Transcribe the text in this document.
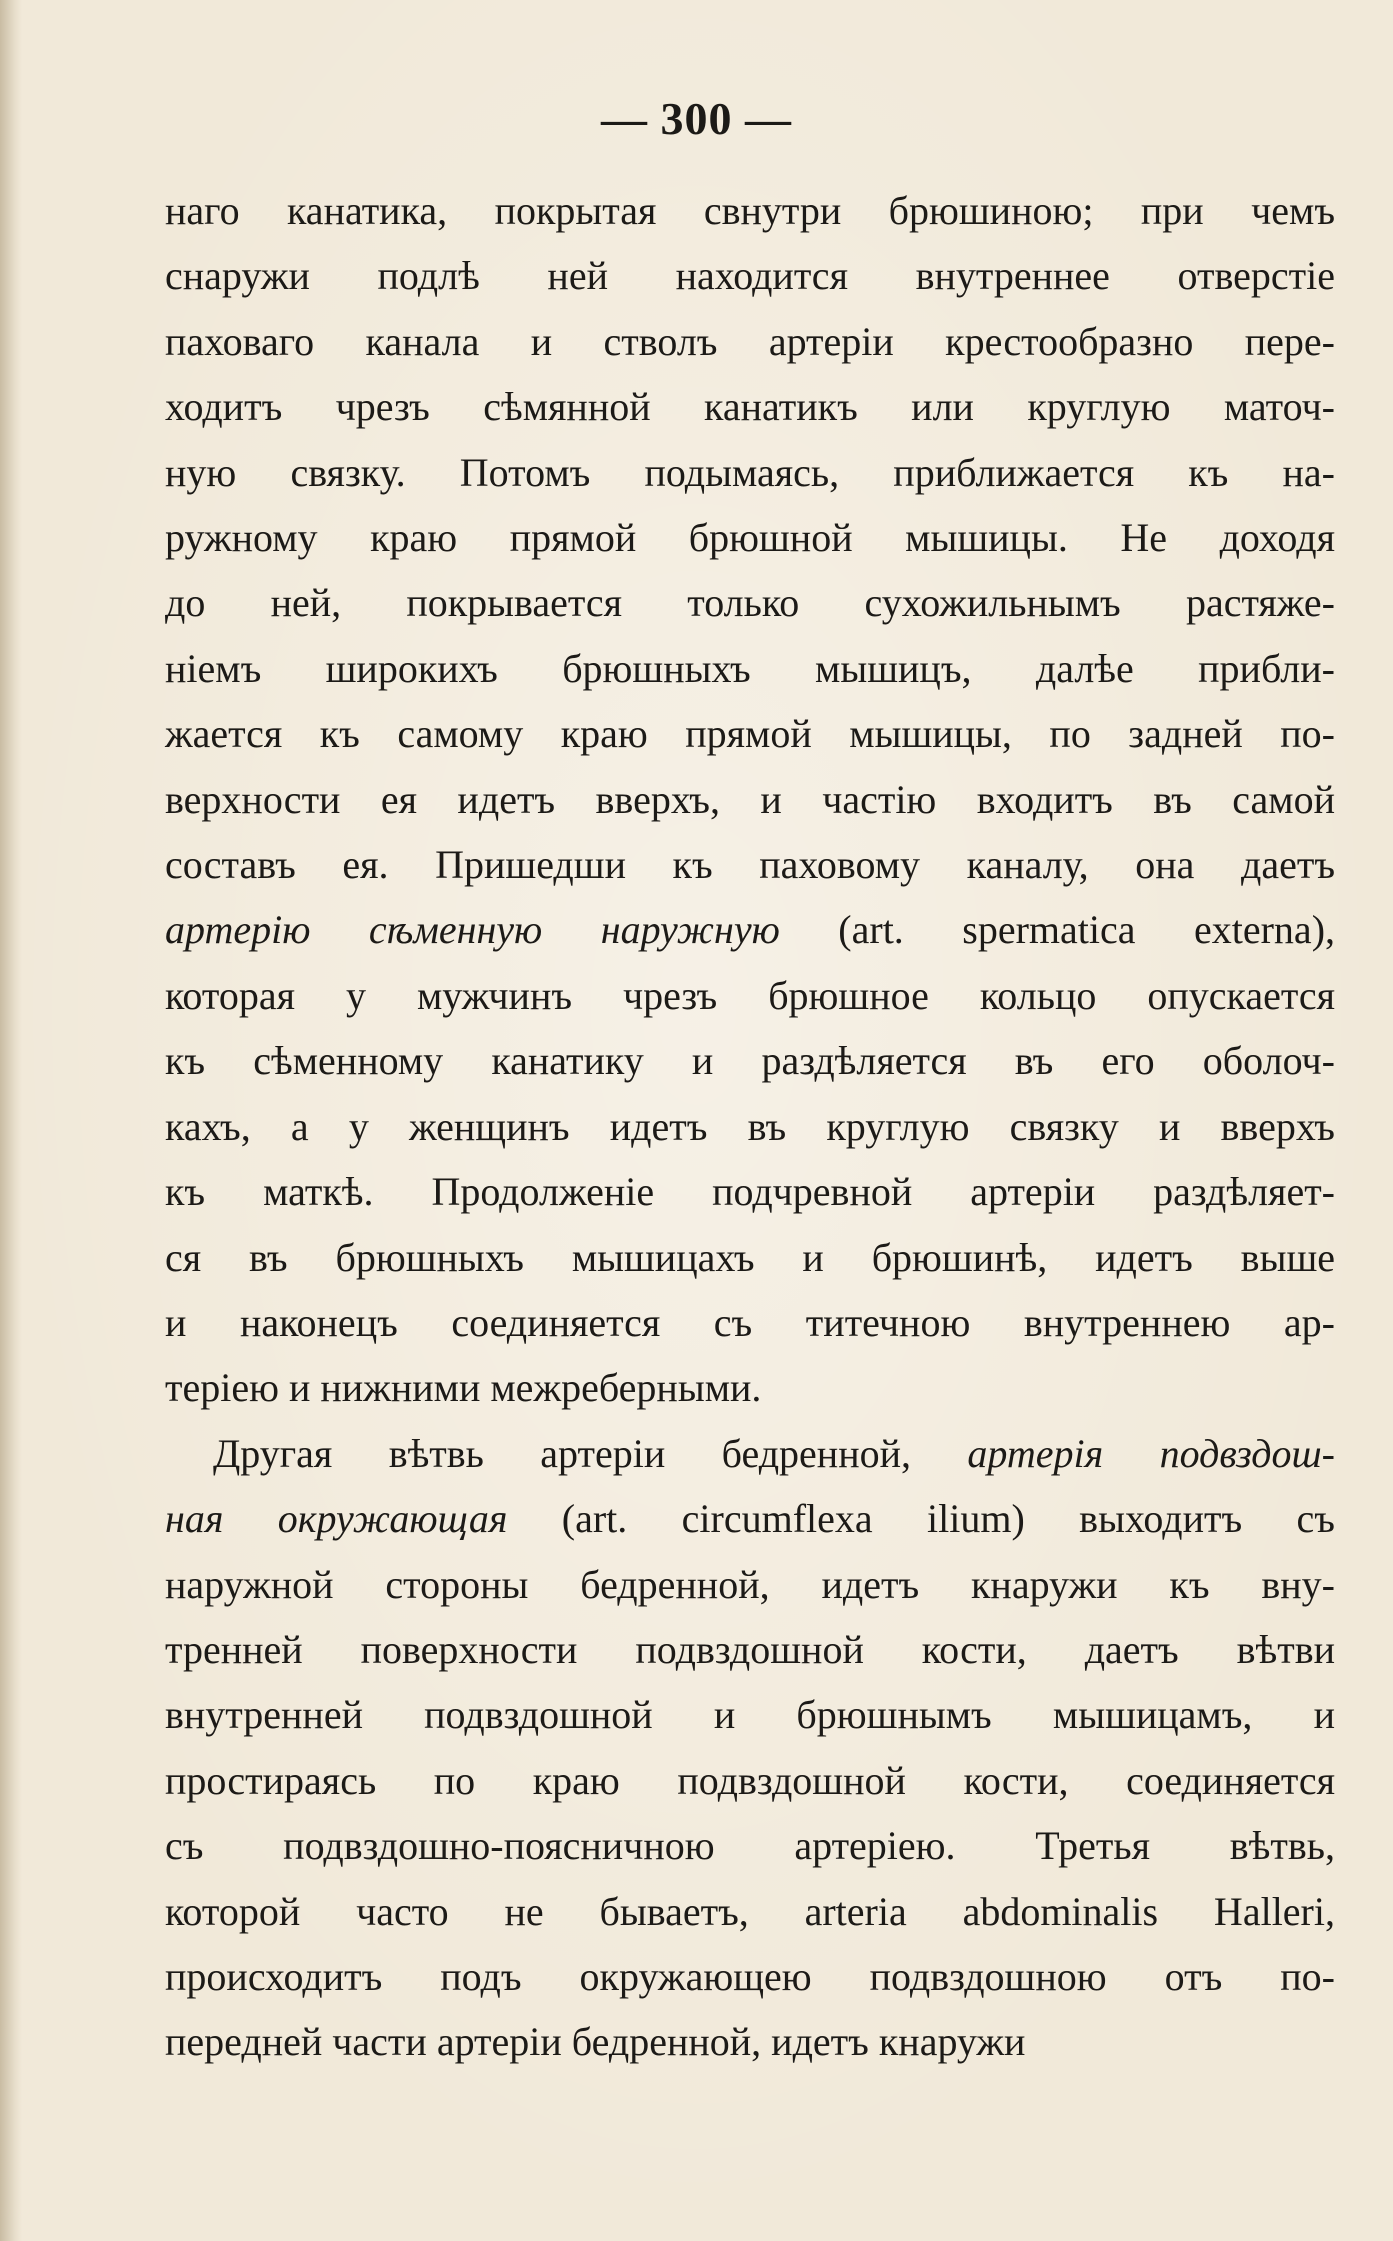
— 300 —
наго канатика, покрытая свнутри брюшиною; при чемъ
снаружи подлѣ ней находится внутреннее отверстіе
паховаго канала и стволъ артеріи крестообразно пере-
ходитъ чрезъ сѣмянной канатикъ или круглую маточ-
ную связку. Потомъ подымаясь, приближается къ на-
ружному краю прямой брюшной мышицы. Не доходя
до ней, покрывается только сухожильнымъ растяже-
ніемъ широкихъ брюшныхъ мышицъ, далѣе прибли-
жается къ самому краю прямой мышицы, по задней по-
верхности ея идетъ вверхъ, и частію входитъ въ самой
составъ ея. Пришедши къ паховому каналу, она даетъ
артерію сѣменную наружную (art. spermatica externa),
которая у мужчинъ чрезъ брюшное кольцо опускается
къ сѣменному канатику и раздѣляется въ его оболоч-
кахъ, а у женщинъ идетъ въ круглую связку и вверхъ
къ маткѣ. Продолженіе подчревной артеріи раздѣляет-
ся въ брюшныхъ мышицахъ и брюшинѣ, идетъ выше
и наконецъ соединяется съ титечною внутреннею ар-
теріею и нижними межреберными.
Другая вѣтвь артеріи бедренной, артерія подвздош-
ная окружающая (art. circumflexa ilium) выходитъ съ
наружной стороны бедренной, идетъ кнаружи къ вну-
тренней поверхности подвздошной кости, даетъ вѣтви
внутренней подвздошной и брюшнымъ мышицамъ, и
простираясь по краю подвздошной кости, соединяется
съ подвздошно-поясничною артеріею. Третья вѣтвь,
которой часто не бываетъ, arteria abdominalis Halleri,
происходитъ подъ окружающею подвздошною отъ по-
передней части артеріи бедренной, идетъ кнаружи
